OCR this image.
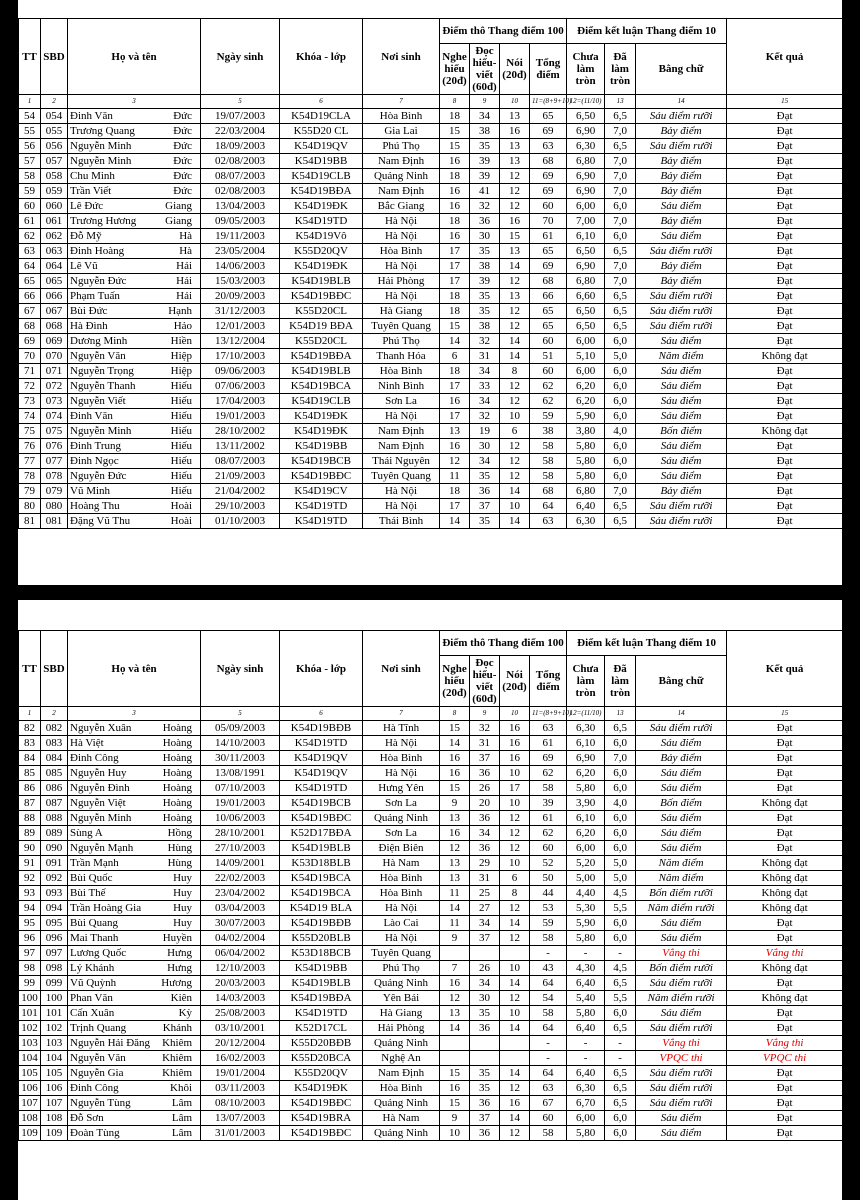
TT	SBD	Họ và tên	Ngày sinh	Khóa - lớp	Nơi sinh	Điểm thô Thang điểm 100				Điểm kết luận Thang điểm 10			Kết quả
						Nghe hiểu (20đ)	Đọc hiểu- viết (60đ)	Nói (20đ)	Tổng điểm	Chưa làm tròn	Đã làm tròn	Bằng chữ	
1	2	3	5	6	7	8	9	10	11=(8+9+10)	12=(11/10)	13	14	15
54	054	Đinh Văn Đức	19/07/2003	K54D19CLA	Hòa Bình	18	34	13	65	6,50	6,5	Sáu điểm rưỡi	Đạt
55	055	Trương Quang Đức	22/03/2004	K55D20 CL	Gia Lai	15	38	16	69	6,90	7,0	Bảy điểm	Đạt
56	056	Nguyễn Minh Đức	18/09/2003	K54D19QV	Phú Thọ	15	35	13	63	6,30	6,5	Sáu điểm rưỡi	Đạt
57	057	Nguyễn Minh Đức	02/08/2003	K54D19BB	Nam Định	16	39	13	68	6,80	7,0	Bảy điểm	Đạt
58	058	Chu Minh Đức	08/07/2003	K54D19CLB	Quảng Ninh	18	39	12	69	6,90	7,0	Bảy điểm	Đạt
59	059	Trần Viết Đức	02/08/2003	K54D19BĐA	Nam Định	16	41	12	69	6,90	7,0	Bảy điểm	Đạt
60	060	Lê Đức Giang	13/04/2003	K54D19ĐK	Bắc Giang	16	32	12	60	6,00	6,0	Sáu điểm	Đạt
61	061	Trương Hương Giang	09/05/2003	K54D19TD	Hà Nội	18	36	16	70	7,00	7,0	Bảy điểm	Đạt
62	062	Đỗ Mỹ Hà	19/11/2003	K54D19Vô	Hà Nội	16	30	15	61	6,10	6,0	Sáu điểm	Đạt
63	063	Đinh Hoàng Hà	23/05/2004	K55D20QV	Hòa Bình	17	35	13	65	6,50	6,5	Sáu điểm rưỡi	Đạt
64	064	Lê Vũ Hải	14/06/2003	K54D19ĐK	Hà Nội	17	38	14	69	6,90	7,0	Bảy điểm	Đạt
65	065	Nguyễn Đức Hải	15/03/2003	K54D19BLB	Hải Phòng	17	39	12	68	6,80	7,0	Bảy điểm	Đạt
66	066	Phạm Tuấn Hải	20/09/2003	K54D19BĐC	Hà Nội	18	35	13	66	6,60	6,5	Sáu điểm rưỡi	Đạt
67	067	Bùi Đức Hạnh	31/12/2003	K55D20CL	Hà Giang	18	35	12	65	6,50	6,5	Sáu điểm rưỡi	Đạt
68	068	Hà Đình Hảo	12/01/2003	K54D19 BĐA	Tuyên Quang	15	38	12	65	6,50	6,5	Sáu điểm rưỡi	Đạt
69	069	Dương Minh Hiền	13/12/2004	K55D20CL	Phú Thọ	14	32	14	60	6,00	6,0	Sáu điểm	Đạt
70	070	Nguyễn Văn Hiệp	17/10/2003	K54D19BĐA	Thanh Hóa	6	31	14	51	5,10	5,0	Năm điểm	Không đạt
71	071	Nguyễn Trọng Hiệp	09/06/2003	K54D19BLB	Hòa Bình	18	34	8	60	6,00	6,0	Sáu điểm	Đạt
72	072	Nguyễn Thanh Hiếu	07/06/2003	K54D19BCA	Ninh Bình	17	33	12	62	6,20	6,0	Sáu điểm	Đạt
73	073	Nguyễn Viết Hiếu	17/04/2003	K54D19CLB	Sơn La	16	34	12	62	6,20	6,0	Sáu điểm	Đạt
74	074	Đinh Văn Hiếu	19/01/2003	K54D19ĐK	Hà Nội	17	32	10	59	5,90	6,0	Sáu điểm	Đạt
75	075	Nguyễn Minh Hiếu	28/10/2002	K54D19ĐK	Nam Định	13	19	6	38	3,80	4,0	Bốn điểm	Không đạt
76	076	Đinh Trung Hiếu	13/11/2002	K54D19BB	Nam Định	16	30	12	58	5,80	6,0	Sáu điểm	Đạt
77	077	Đinh Ngọc Hiếu	08/07/2003	K54D19BCB	Thái Nguyên	12	34	12	58	5,80	6,0	Sáu điểm	Đạt
78	078	Nguyễn Đức Hiếu	21/09/2003	K54D19BĐC	Tuyên Quang	11	35	12	58	5,80	6,0	Sáu điểm	Đạt
79	079	Vũ Minh Hiếu	21/04/2002	K54D19CV	Hà Nội	18	36	14	68	6,80	7,0	Bảy điểm	Đạt
80	080	Hoàng Thu Hoài	29/10/2003	K54D19TD	Hà Nội	17	37	10	64	6,40	6,5	Sáu điểm rưỡi	Đạt
81	081	Đặng Vũ Thu Hoài	01/10/2003	K54D19TD	Thái Bình	14	35	14	63	6,30	6,5	Sáu điểm rưỡi	Đạt
TT	SBD	Họ và tên	Ngày sinh	Khóa - lớp	Nơi sinh	Điểm thô Thang điểm 100				Điểm kết luận Thang điểm 10			Kết quả
						Nghe hiểu (20đ)	Đọc hiểu- viết (60đ)	Nói (20đ)	Tổng điểm	Chưa làm tròn	Đã làm tròn	Bằng chữ	
1	2	3	5	6	7	8	9	10	11=(8+9+10)	12=(11/10)	13	14	15
82	082	Nguyễn Xuân Hoàng	05/09/2003	K54D19BĐB	Hà Tĩnh	15	32	16	63	6,30	6,5	Sáu điểm rưỡi	Đạt
83	083	Hà Việt Hoàng	14/10/2003	K54D19TD	Hà Nội	14	31	16	61	6,10	6,0	Sáu điểm	Đạt
84	084	Đinh Công Hoàng	30/11/2003	K54D19QV	Hòa Bình	16	37	16	69	6,90	7,0	Bảy điểm	Đạt
85	085	Nguyễn Huy Hoàng	13/08/1991	K54D19QV	Hà Nội	16	36	10	62	6,20	6,0	Sáu điểm	Đạt
86	086	Nguyễn Đình Hoàng	07/10/2003	K54D19TD	Hưng Yên	15	26	17	58	5,80	6,0	Sáu điểm	Đạt
87	087	Nguyễn Việt Hoàng	19/01/2003	K54D19BCB	Sơn La	9	20	10	39	3,90	4,0	Bốn điểm	Không đạt
88	088	Nguyễn Minh Hoàng	10/06/2003	K54D19BĐC	Quảng Ninh	13	36	12	61	6,10	6,0	Sáu điểm	Đạt
89	089	Sùng A Hồng	28/10/2001	K52D17BĐA	Sơn La	16	34	12	62	6,20	6,0	Sáu điểm	Đạt
90	090	Nguyễn Mạnh Hùng	27/10/2003	K54D19BLB	Điện Biên	12	36	12	60	6,00	6,0	Sáu điểm	Đạt
91	091	Trần Mạnh Hùng	14/09/2001	K53D18BLB	Hà Nam	13	29	10	52	5,20	5,0	Năm điểm	Không đạt
92	092	Bùi Quốc Huy	22/02/2003	K54D19BCA	Hòa Bình	13	31	6	50	5,00	5,0	Năm điểm	Không đạt
93	093	Bùi Thế Huy	23/04/2002	K54D19BCA	Hòa Bình	11	25	8	44	4,40	4,5	Bốn điểm rưỡi	Không đạt
94	094	Trần Hoàng Gia Huy	03/04/2003	K54D19 BLA	Hà Nội	14	27	12	53	5,30	5,5	Năm điểm rưỡi	Không đạt
95	095	Bùi Quang Huy	30/07/2003	K54D19BĐB	Lào Cai	11	34	14	59	5,90	6,0	Sáu điểm	Đạt
96	096	Mai Thanh Huyền	04/02/2004	K55D20BLB	Hà Nội	9	37	12	58	5,80	6,0	Sáu điểm	Đạt
97	097	Lương Quốc Hưng	06/04/2002	K53D18BCB	Tuyên Quang				-	-	-	Vắng thi	Vắng thi
98	098	Lý Khánh Hưng	12/10/2003	K54D19BB	Phú Thọ	7	26	10	43	4,30	4,5	Bốn điểm rưỡi	Không đạt
99	099	Vũ Quỳnh Hương	20/03/2003	K54D19BLB	Quảng Ninh	16	34	14	64	6,40	6,5	Sáu điểm rưỡi	Đạt
100	100	Phan Văn Kiên	14/03/2003	K54D19BĐA	Yên Bái	12	30	12	54	5,40	5,5	Năm điểm rưỡi	Không đạt
101	101	Cấn Xuân Kỳ	25/08/2003	K54D19TD	Hà Giang	13	35	10	58	5,80	6,0	Sáu điểm	Đạt
102	102	Trịnh Quang Khánh	03/10/2001	K52D17CL	Hải Phòng	14	36	14	64	6,40	6,5	Sáu điểm rưỡi	Đạt
103	103	Nguyễn Hải Đăng Khiêm	20/12/2004	K55D20BĐB	Quảng Ninh				-	-	-	Vắng thi	Vắng thi
104	104	Nguyễn Văn Khiêm	16/02/2003	K55D20BCA	Nghệ An				-	-	-	VPQC thi	VPQC thi
105	105	Nguyễn Gia Khiêm	19/01/2004	K55D20QV	Nam Định	15	35	14	64	6,40	6,5	Sáu điểm rưỡi	Đạt
106	106	Đinh Công Khôi	03/11/2003	K54D19ĐK	Hòa Bình	16	35	12	63	6,30	6,5	Sáu điểm rưỡi	Đạt
107	107	Nguyễn Tùng Lâm	08/10/2003	K54D19BĐC	Quảng Ninh	15	36	16	67	6,70	6,5	Sáu điểm rưỡi	Đạt
108	108	Đỗ Sơn Lâm	13/07/2003	K54D19BRA	Hà Nam	9	37	14	60	6,00	6,0	Sáu điểm	Đạt
109	109	Đoàn Tùng Lâm	31/01/2003	K54D19BĐC	Quảng Ninh	10	36	12	58	5,80	6,0	Sáu điểm	Đạt
